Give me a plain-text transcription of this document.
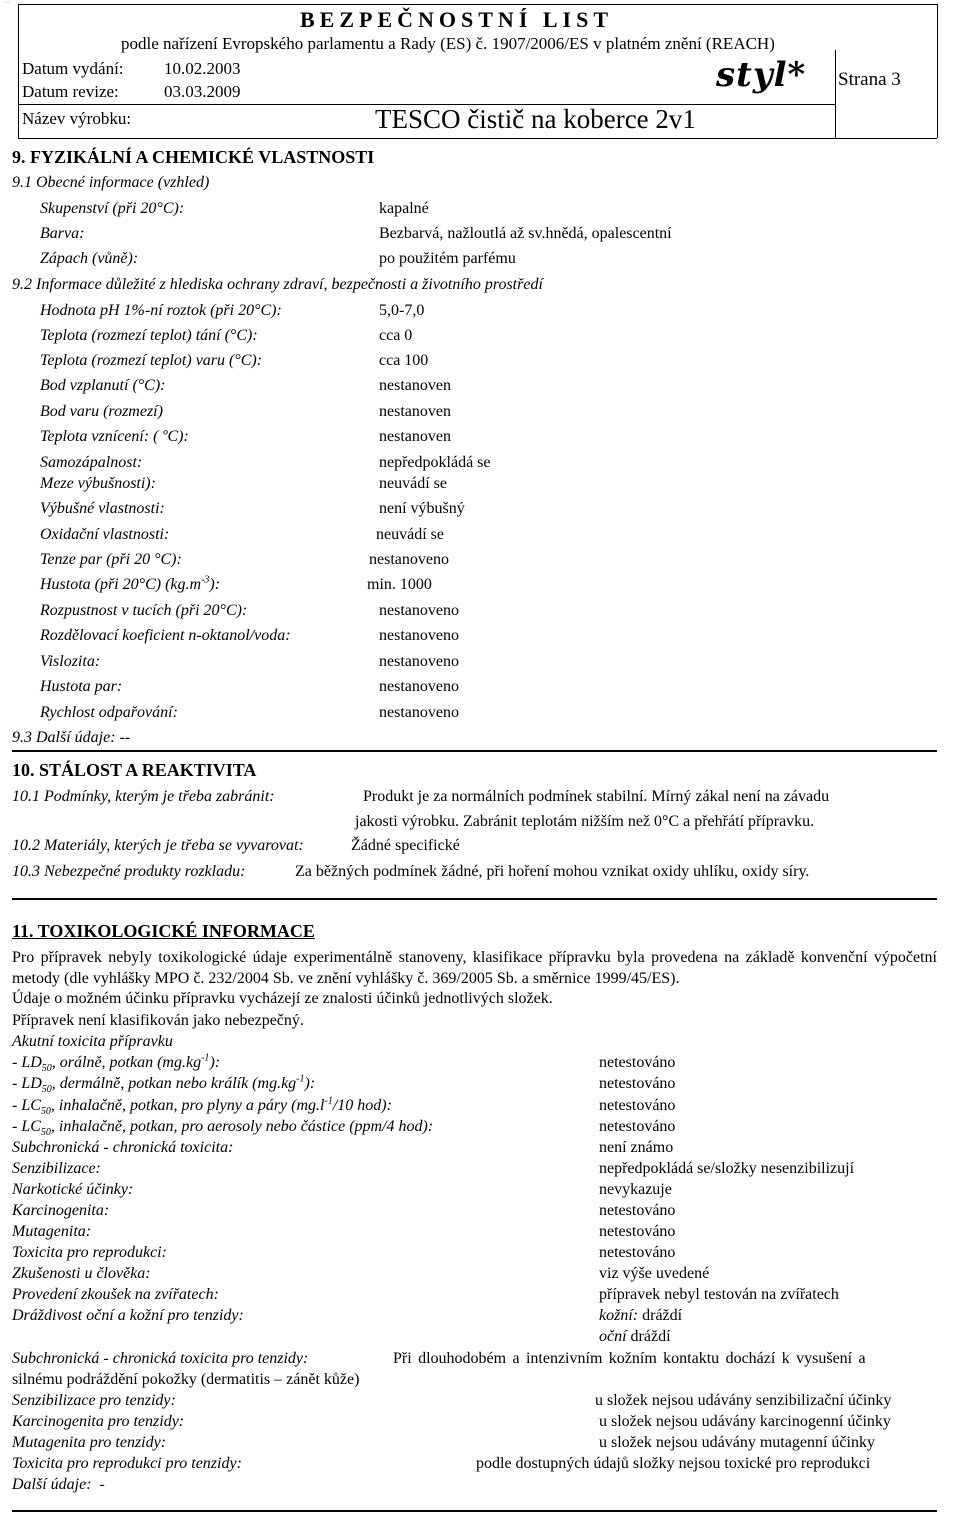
···
BEZPEČNOSTNÍ LIST
podle nařízení Evropského parlamentu a Rady (ES) č. 1907/2006/ES v platném znění (REACH)
Datum vydání: 10.02.2003
Datum revize:	03.03.2009	styl* Strana 3
Název výrobku:	TESCO čistič na koberce 2v1
9. FYZIKÁLNÍ A CHEMICKÉ VLASTNOSTI
9.1 Obecné informace (vzhled)
Skupenství (při 20°C):	kapalné
Barva:	Bezbarvá, nažloutlá až sv.hnědá, opalescentní
Zápach (vůně):	po použitém parfému
9.2 Informace důležité z hlediska ochrany zdraví, bezpečnosti a životního prostředí
Hodnota pH 1%-ní roztok (při 20°C):	5,0-7,0
Teplota (rozmezí teplot) tání (°C):	cca 0
Teplota (rozmezí teplot) varu (°C):	cca 100
Bod vzplanutí (°C):	nestanoven
Bod varu (rozmezí)	nestanoven
Teplota vznícení: ( ºC):	nestanoven
Samozápalnost:	nepředpokládá se
Meze výbušnosti):	neuvádí se
Výbušné vlastnosti:	není výbušný
Oxidační vlastnosti:	neuvádí se
Tenze par (při 20 °C):	nestanoveno
Hustota (při 20°C) $(kg.m^{-3})$:	min. 1000
Rozpustnost v tucích (při 20°C):	nestanoveno
Rozdělovací koeficient n-oktanol/voda:	nestanoveno
Vislozita:	nestanoveno
Hustota par:	nestanoveno
Rychlost odpařování:	nestanoveno
9.3 Další údaje: --
10. STÁLOST A REAKTIVITA
10.1 Podmínky, kterým je třeba zabránit:	Produkt je za normálních podmínek stabilní. Mírný zákal není na závadu
jakosti výrobku. Zabránit teplotám nižším než 0°C a přehřátí přípravku.
10.2 Materiály, kterých je třeba se vyvarovat:	Žádné specifické
10.3 Nebezpečné produkty rozkladu:	Za běžných podmínek žádné, při hoření mohou vznikat oxidy uhlíku, oxidy síry.
11. TOXIKOLOGICKÉ INFORMACE
Pro přípravek nebyly toxikologické údaje experimentálně stanoveny, klasifikace přípravku byla provedena na základě konvenční výpočetní metody (dle vyhlášky MPO č. 232/2004 Sb. ve znění vyhlášky č. 369/2005 Sb. a směrnice 1999/45/ES).
Údaje o možném účinku přípravku vycházejí ze znalosti účinků jednotlivých složek.
Přípravek není klasifikován jako nebezpečný.
Akutní toxicita přípravku
- $LD_{50}$, orálně, potkan $(mg.kg^{-1})$:	netestováno
- $LD_{50}$, dermálně, potkan nebo králík $(mg.kg^{-1})$:	netestováno
- $LC_{50}$, inhalačně, potkan, pro plyny a páry ($mg.l^{-1}/10$ hod):	netestováno
- $LC_{50}$, inhalačně, potkan, pro aerosoly nebo částice (ppm/4 hod):	netestováno
Subchronická - chronická toxicita:	není známo
Senzibilizace:	nepředpokládá se/složky nesenzibilizují
Narkotické účinky:	nevykazuje
Karcinogenita:	netestováno
Mutagenita:	netestováno
Toxicita pro reprodukci:	netestováno
Zkušenosti u člověka:	viz výše uvedené
Provedení zkoušek na zvířatech:	přípravek nebyl testován na zvířatech
Dráždivost oční a kožní pro tenzidy:	kožní: dráždí
oční dráždí
Subchronická - chronická toxicita pro tenzidy:	Při dlouhodobém a intenzivním kožním kontaktu dochází k vysušení a
silnému podráždění pokožky (dermatitis – zánět kůže)
Senzibilizace pro tenzidy:	u složek nejsou udávány senzibilizační účinky
Karcinogenita pro tenzidy:	u složek nejsou udávány karcinogenní účinky
Mutagenita pro tenzidy:	u složek nejsou udávány mutagenní účinky
Toxicita pro reprodukci pro tenzidy:	podle dostupných údajů složky nejsou toxické pro reprodukci
Další údaje: -
